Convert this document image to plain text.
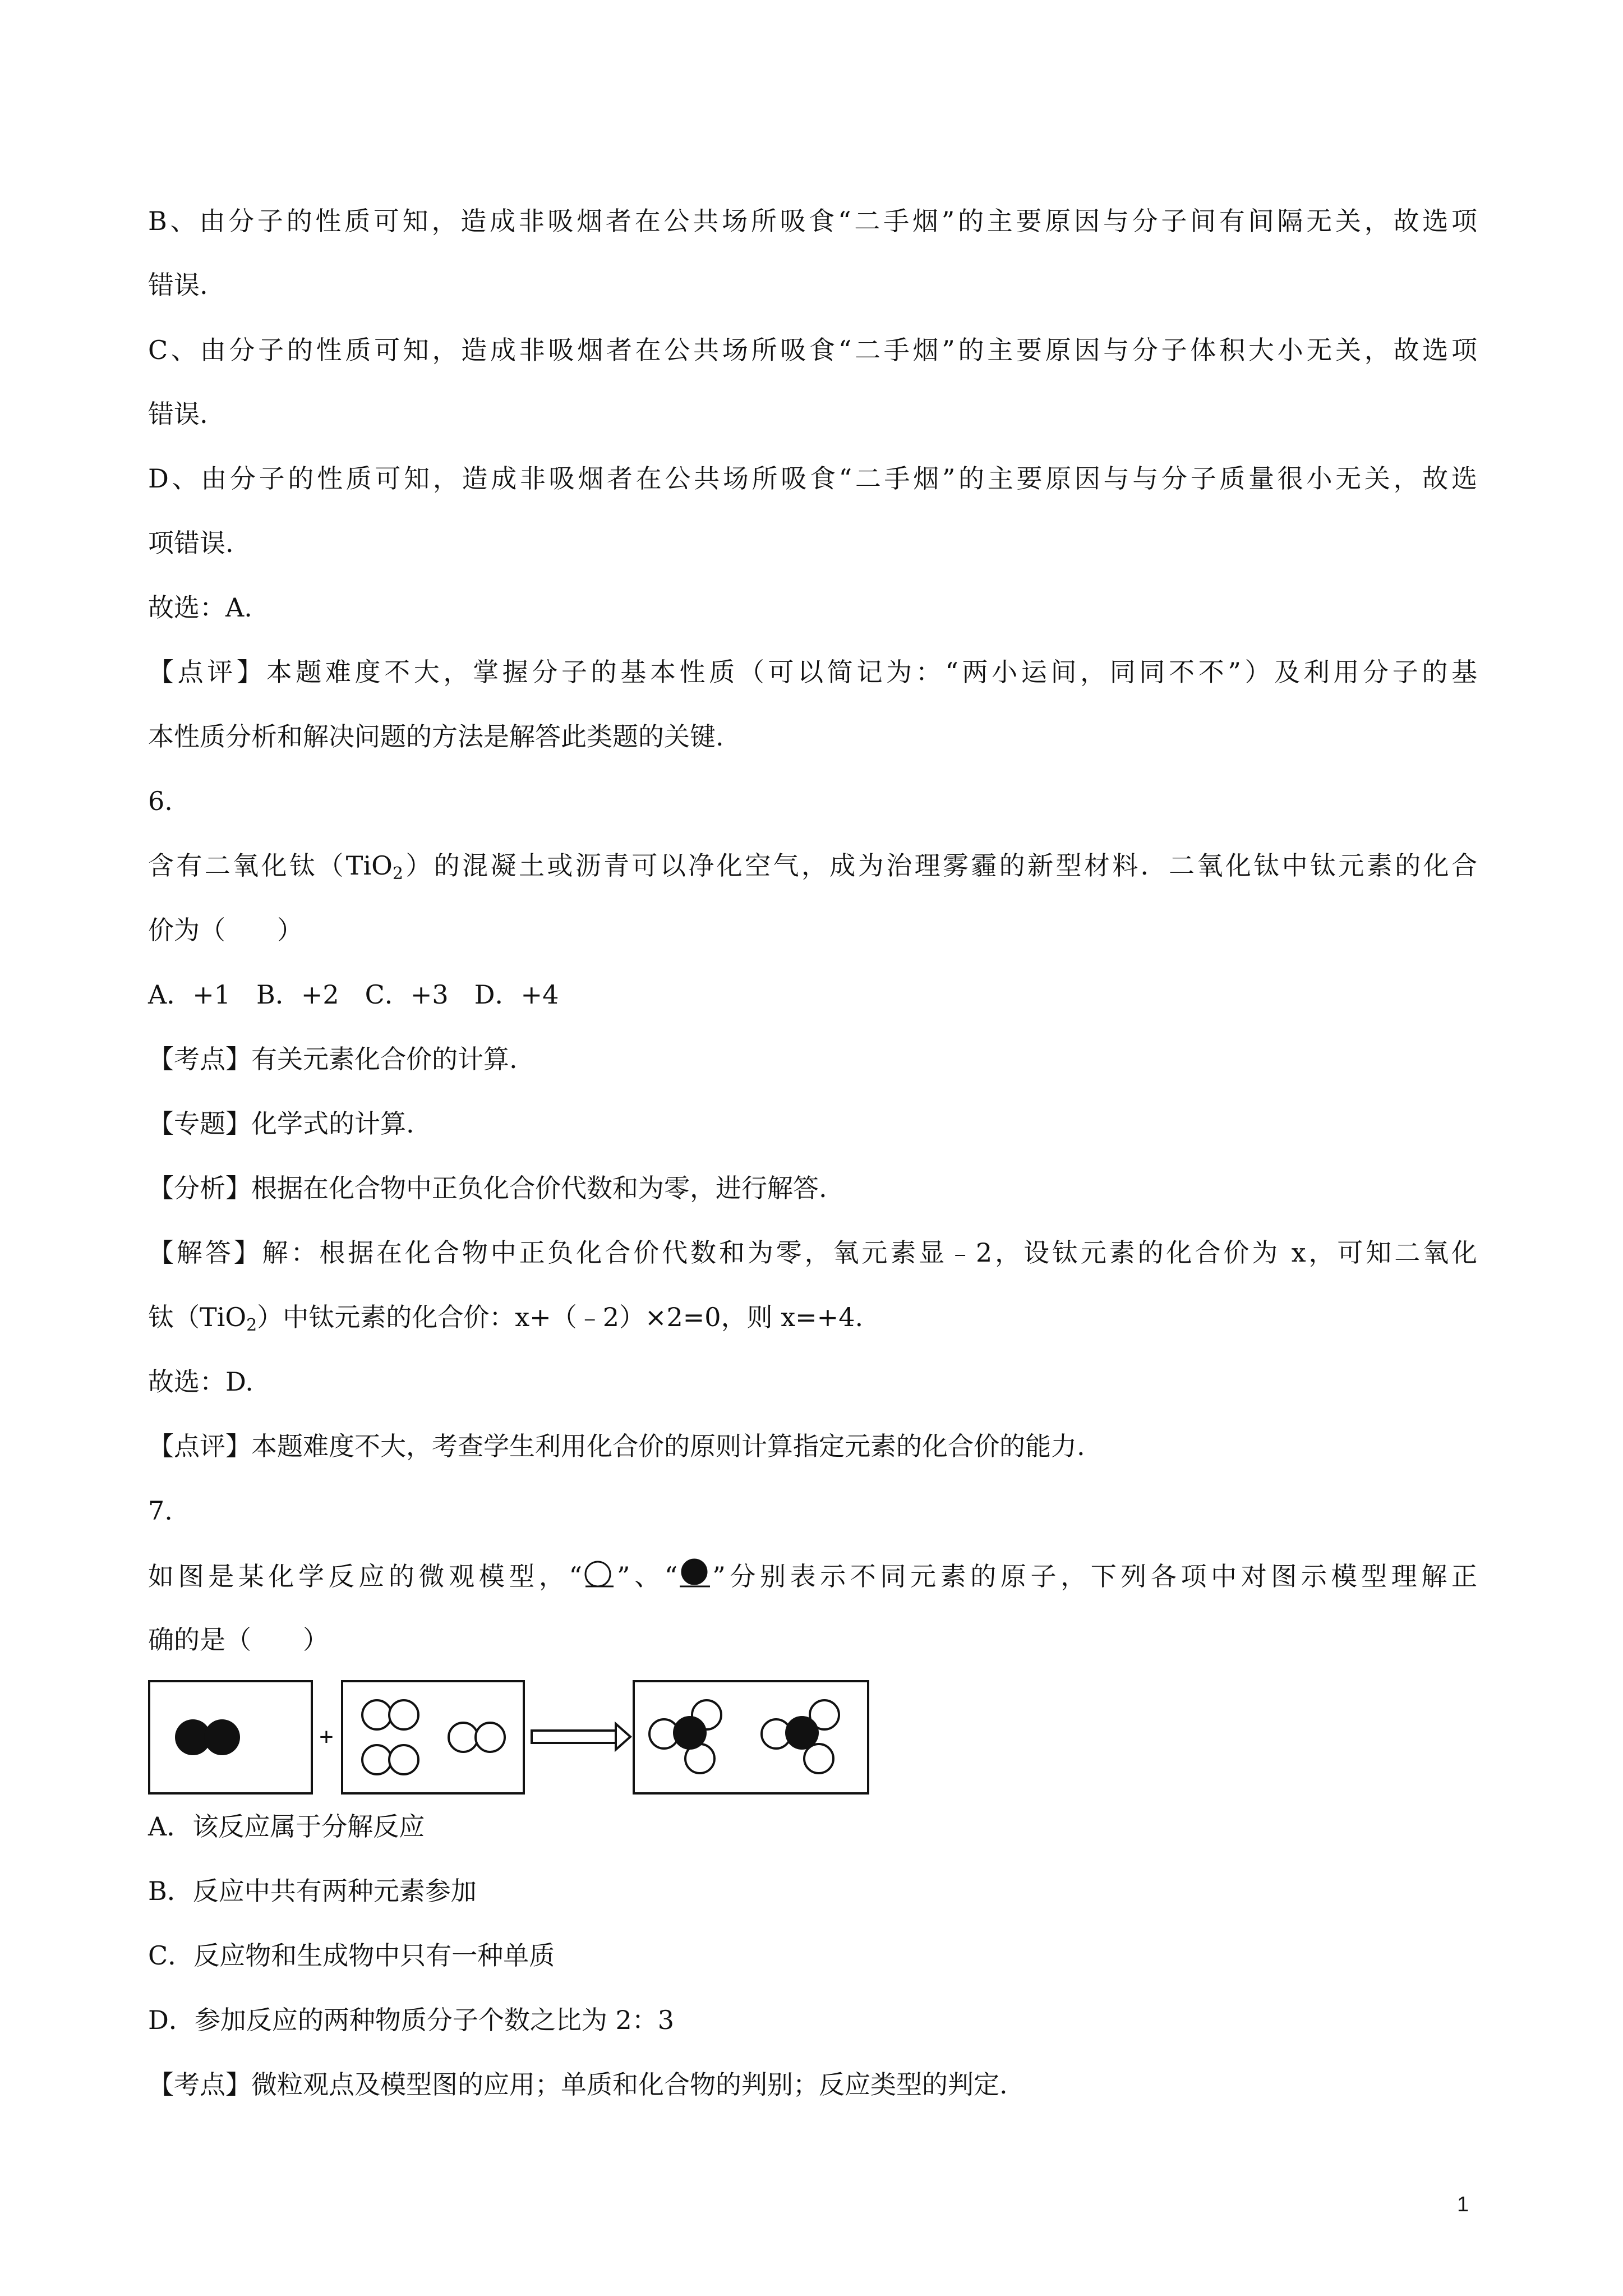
B、由分子的性质可知，造成非吸烟者在公共场所吸食“二手烟”的主要原因与分子间有间隔无关，故选项
错误.
C、由分子的性质可知，造成非吸烟者在公共场所吸食“二手烟”的主要原因与分子体积大小无关，故选项
错误.
D、由分子的性质可知，造成非吸烟者在公共场所吸食“二手烟”的主要原因与与分子质量很小无关，故选
项错误.
故选：A.
【点评】本题难度不大，掌握分子的基本性质（可以简记为：“两小运间，同同不不”）及利用分子的基
本性质分析和解决问题的方法是解答此类题的关键.
6.
含有二氧化钛（TiO$_2$）的混凝土或沥青可以净化空气，成为治理雾霾的新型材料．二氧化钛中钛元素的化合
价为（　　）
A．+1　B．+2　C．+3　D．+4
【考点】有关元素化合价的计算.
【专题】化学式的计算.
【分析】根据在化合物中正负化合价代数和为零，进行解答.
【解答】解：根据在化合物中正负化合价代数和为零，氧元素显﹣2，设钛元素的化合价为 x，可知二氧化
钛（TiO$_2$）中钛元素的化合价：x+（﹣2）×2=0，则 x=+4.
故选：D.
【点评】本题难度不大，考查学生利用化合价的原则计算指定元素的化合价的能力.
7.
如图是某化学反应的微观模型，“ ”、“ ”分别表示不同元素的原子，下列各项中对图示模型理解正
确的是（　　）
+
A．该反应属于分解反应
B．反应中共有两种元素参加
C．反应物和生成物中只有一种单质
D．参加反应的两种物质分子个数之比为 2：3
【考点】微粒观点及模型图的应用；单质和化合物的判别；反应类型的判定.
1
